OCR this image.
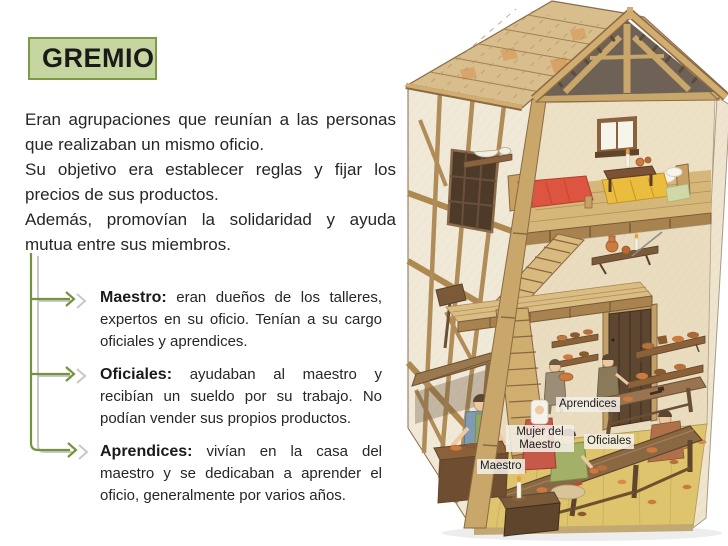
GREMIO

Eran agrupaciones que reunían a las personas que realizaban un mismo oficio.

Su objetivo era establecer reglas y fijar los precios de sus productos.

Además, promovían la solidaridad y ayuda mutua entre sus miembros.

Maestro: eran dueños de los talleres, expertos en su oficio. Tenían a su cargo oficiales y aprendices.
Oficiales: ayudaban al maestro y recibían un sueldo por su trabajo. No podían vender sus propios productos.
Aprendices: vivían en la casa del maestro y se dedicaban a aprender el oficio, generalmente por varios años.
Aprendices
Mujer del Maestro	Oficiales
Maestro
